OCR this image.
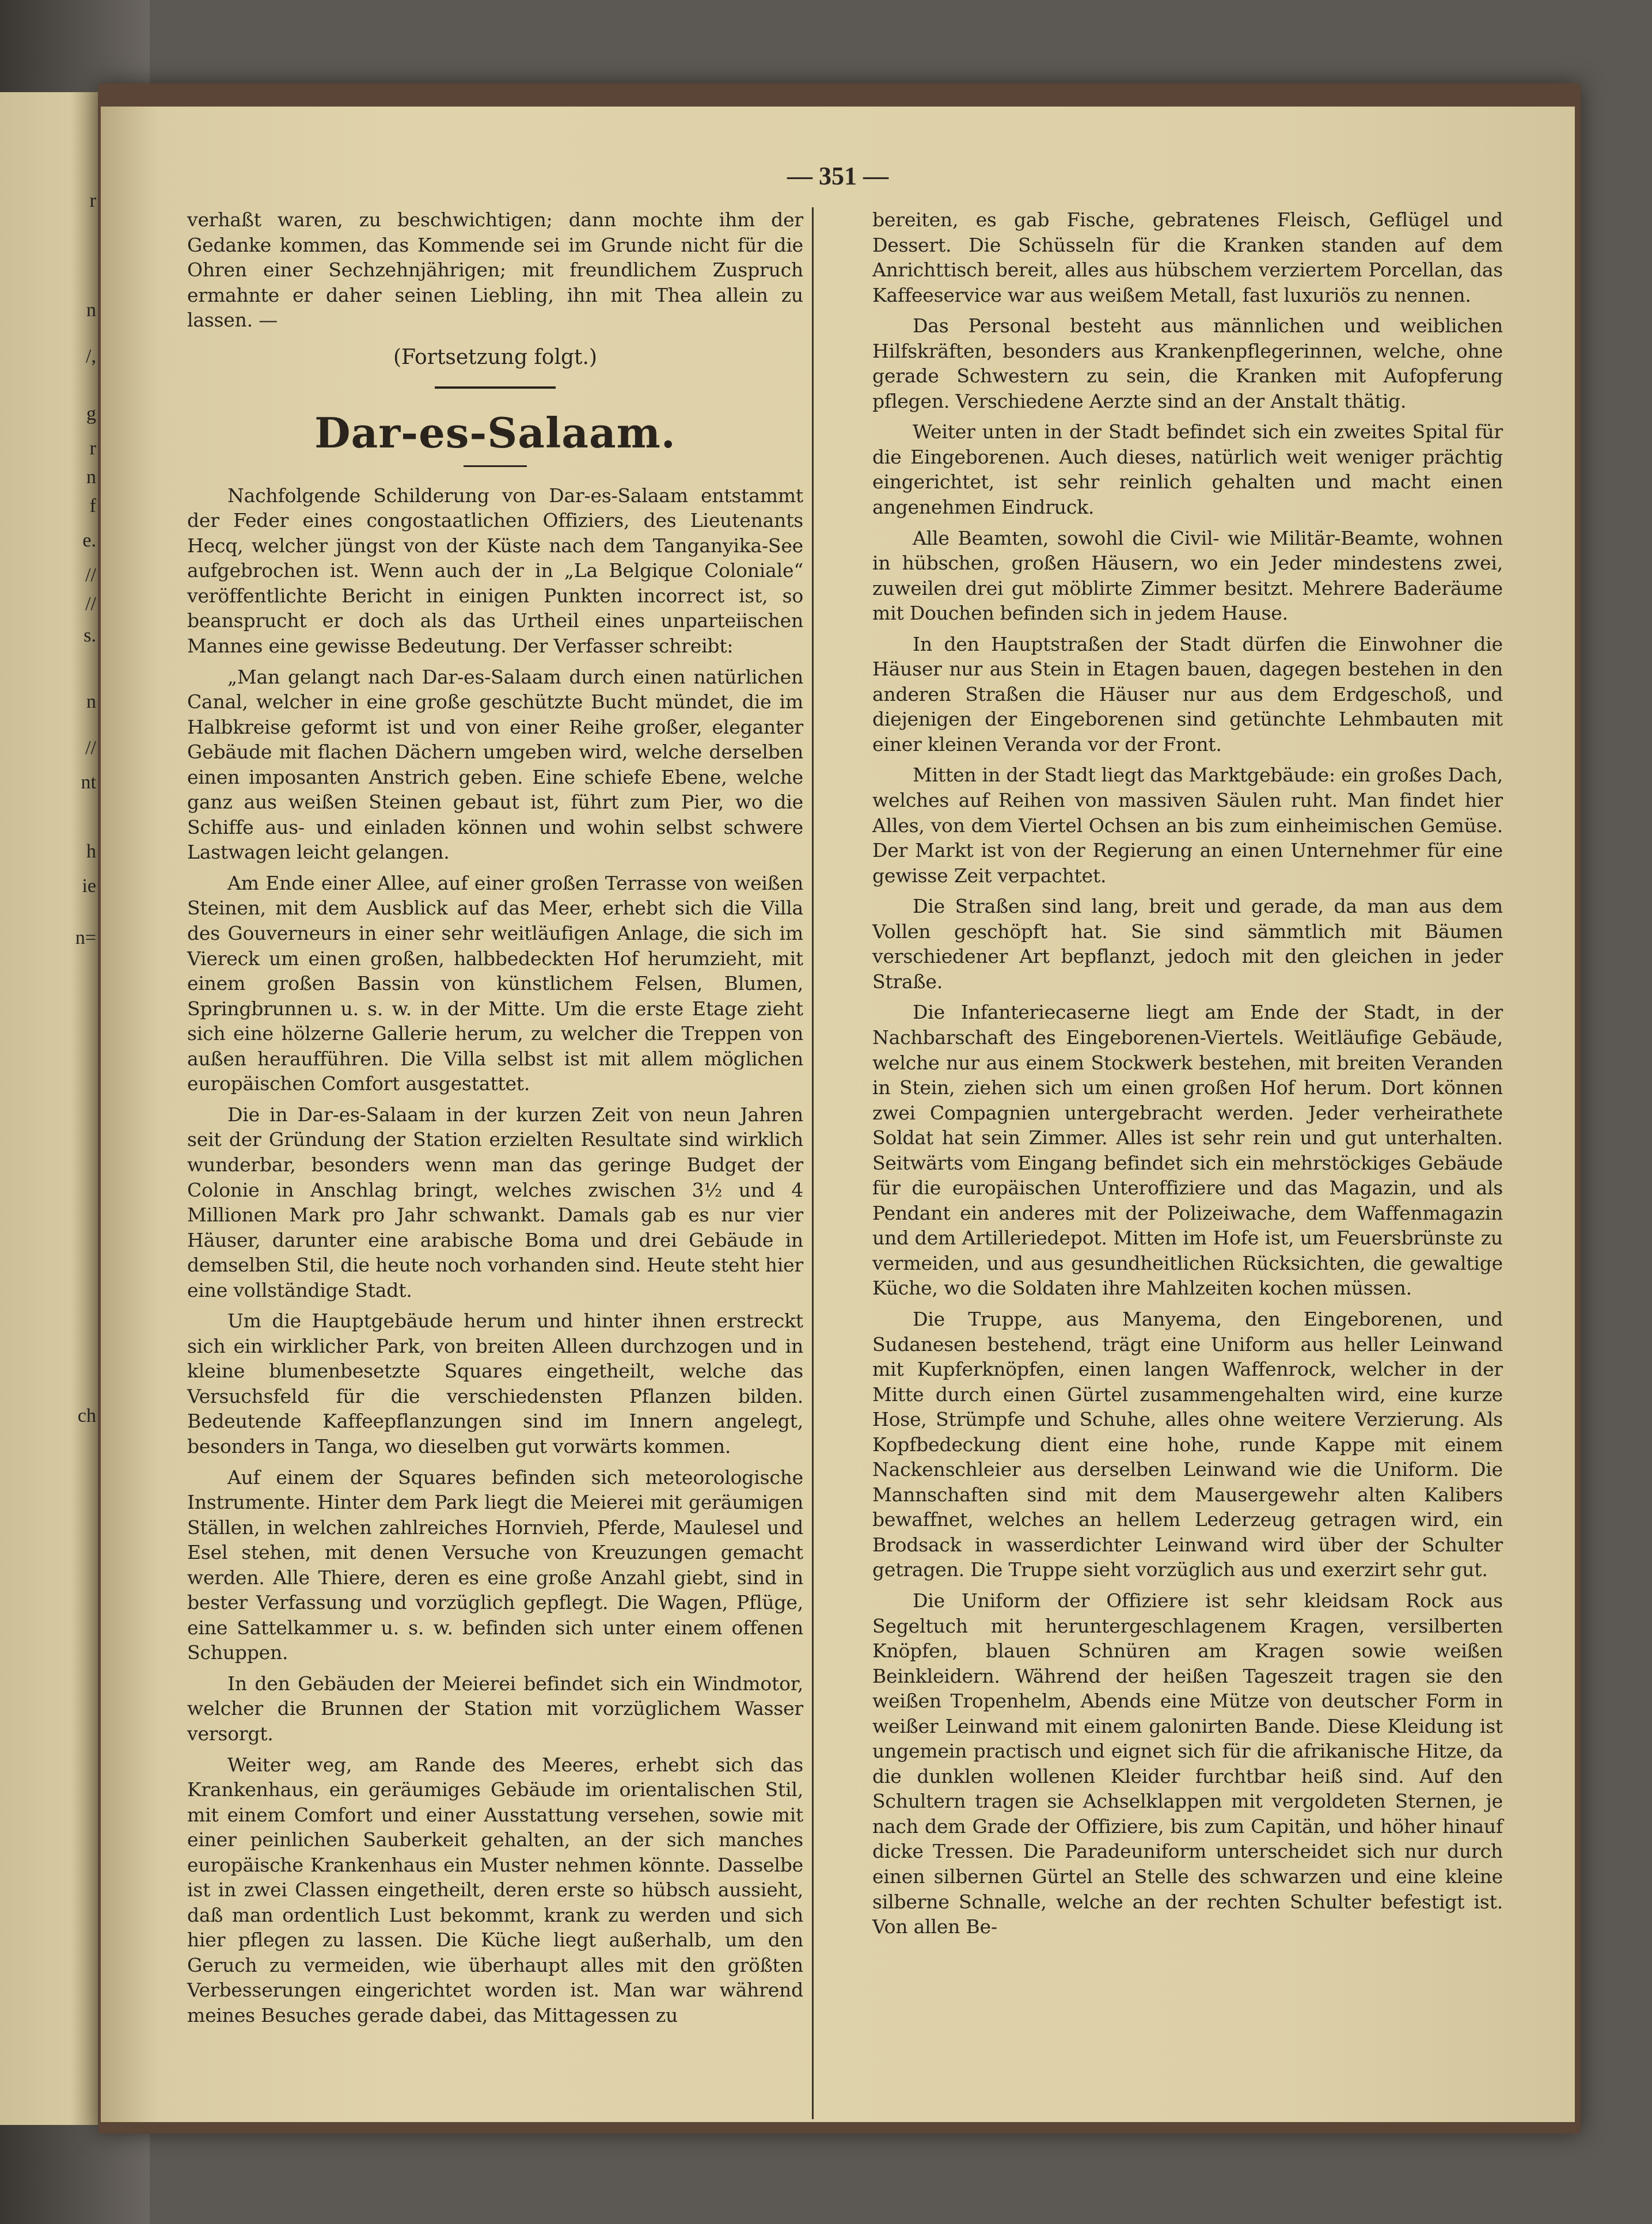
r
n
/,
g
r
n
f
e.
//
//
s.
n
//
nt
h
ie
n=
ch
— 351 —

verhaßt waren, zu beschwichtigen; dann mochte ihm der Gedanke kommen, das Kommende sei im Grunde nicht für die Ohren einer Sechzehnjährigen; mit freundlichem Zuspruch ermahnte er daher seinen Liebling, ihn mit Thea allein zu lassen. —

(Fortsetzung folgt.)
Dar-es-Salaam.

Nachfolgende Schilderung von Dar-es-Salaam entstammt der Feder eines congostaatlichen Offiziers, des Lieutenants Hecq, welcher jüngst von der Küste nach dem Tanganyika-See aufgebrochen ist. Wenn auch der in „La Belgique Coloniale“ veröffentlichte Bericht in einigen Punkten incorrect ist, so beansprucht er doch als das Urtheil eines unparteiischen Mannes eine gewisse Bedeutung. Der Verfasser schreibt:

„Man gelangt nach Dar-es-Salaam durch einen natürlichen Canal, welcher in eine große geschützte Bucht mündet, die im Halbkreise geformt ist und von einer Reihe großer, eleganter Gebäude mit flachen Dächern umgeben wird, welche derselben einen imposanten Anstrich geben. Eine schiefe Ebene, welche ganz aus weißen Steinen gebaut ist, führt zum Pier, wo die Schiffe aus- und einladen können und wohin selbst schwere Lastwagen leicht gelangen.

Am Ende einer Allee, auf einer großen Terrasse von weißen Steinen, mit dem Ausblick auf das Meer, erhebt sich die Villa des Gouverneurs in einer sehr weitläufigen Anlage, die sich im Viereck um einen großen, halbbedeckten Hof herumzieht, mit einem großen Bassin von künstlichem Felsen, Blumen, Springbrunnen u. s. w. in der Mitte. Um die erste Etage zieht sich eine hölzerne Gallerie herum, zu welcher die Treppen von außen heraufführen. Die Villa selbst ist mit allem möglichen europäischen Comfort ausgestattet.

Die in Dar-es-Salaam in der kurzen Zeit von neun Jahren seit der Gründung der Station erzielten Resultate sind wirklich wunderbar, besonders wenn man das geringe Budget der Colonie in Anschlag bringt, welches zwischen 3½ und 4 Millionen Mark pro Jahr schwankt. Damals gab es nur vier Häuser, darunter eine arabische Boma und drei Gebäude in demselben Stil, die heute noch vorhanden sind. Heute steht hier eine vollständige Stadt.

Um die Hauptgebäude herum und hinter ihnen erstreckt sich ein wirklicher Park, von breiten Alleen durchzogen und in kleine blumenbesetzte Squares eingetheilt, welche das Versuchsfeld für die verschiedensten Pflanzen bilden. Bedeutende Kaffeepflanzungen sind im Innern angelegt, besonders in Tanga, wo dieselben gut vorwärts kommen.

Auf einem der Squares befinden sich meteorologische Instrumente. Hinter dem Park liegt die Meierei mit geräumigen Ställen, in welchen zahlreiches Hornvieh, Pferde, Maulesel und Esel stehen, mit denen Versuche von Kreuzungen gemacht werden. Alle Thiere, deren es eine große Anzahl giebt, sind in bester Verfassung und vorzüglich gepflegt. Die Wagen, Pflüge, eine Sattelkammer u. s. w. befinden sich unter einem offenen Schuppen.

In den Gebäuden der Meierei befindet sich ein Windmotor, welcher die Brunnen der Station mit vorzüglichem Wasser versorgt.

Weiter weg, am Rande des Meeres, erhebt sich das Krankenhaus, ein geräumiges Gebäude im orientalischen Stil, mit einem Comfort und einer Ausstattung versehen, sowie mit einer peinlichen Sauberkeit gehalten, an der sich manches europäische Krankenhaus ein Muster nehmen könnte. Dasselbe ist in zwei Classen eingetheilt, deren erste so hübsch aussieht, daß man ordentlich Lust bekommt, krank zu werden und sich hier pflegen zu lassen. Die Küche liegt außerhalb, um den Geruch zu vermeiden, wie überhaupt alles mit den größten Verbesserungen eingerichtet worden ist. Man war während meines Besuches gerade dabei, das Mittagessen zu

bereiten, es gab Fische, gebratenes Fleisch, Geflügel und Dessert. Die Schüsseln für die Kranken standen auf dem Anrichttisch bereit, alles aus hübschem verziertem Porcellan, das Kaffeeservice war aus weißem Metall, fast luxuriös zu nennen.

Das Personal besteht aus männlichen und weiblichen Hilfskräften, besonders aus Krankenpflegerinnen, welche, ohne gerade Schwestern zu sein, die Kranken mit Aufopferung pflegen. Verschiedene Aerzte sind an der Anstalt thätig.

Weiter unten in der Stadt befindet sich ein zweites Spital für die Eingeborenen. Auch dieses, natürlich weit weniger prächtig eingerichtet, ist sehr reinlich gehalten und macht einen angenehmen Eindruck.

Alle Beamten, sowohl die Civil- wie Militär-Beamte, wohnen in hübschen, großen Häusern, wo ein Jeder mindestens zwei, zuweilen drei gut möblirte Zimmer besitzt. Mehrere Baderäume mit Douchen befinden sich in jedem Hause.

In den Hauptstraßen der Stadt dürfen die Einwohner die Häuser nur aus Stein in Etagen bauen, dagegen bestehen in den anderen Straßen die Häuser nur aus dem Erdgeschoß, und diejenigen der Eingeborenen sind getünchte Lehmbauten mit einer kleinen Veranda vor der Front.

Mitten in der Stadt liegt das Marktgebäude: ein großes Dach, welches auf Reihen von massiven Säulen ruht. Man findet hier Alles, von dem Viertel Ochsen an bis zum einheimischen Gemüse. Der Markt ist von der Regierung an einen Unternehmer für eine gewisse Zeit verpachtet.

Die Straßen sind lang, breit und gerade, da man aus dem Vollen geschöpft hat. Sie sind sämmtlich mit Bäumen verschiedener Art bepflanzt, jedoch mit den gleichen in jeder Straße.

Die Infanteriecaserne liegt am Ende der Stadt, in der Nachbarschaft des Eingeborenen-Viertels. Weitläufige Gebäude, welche nur aus einem Stockwerk bestehen, mit breiten Veranden in Stein, ziehen sich um einen großen Hof herum. Dort können zwei Compagnien untergebracht werden. Jeder verheirathete Soldat hat sein Zimmer. Alles ist sehr rein und gut unterhalten. Seitwärts vom Eingang befindet sich ein mehrstöckiges Gebäude für die europäischen Unteroffiziere und das Magazin, und als Pendant ein anderes mit der Polizeiwache, dem Waffenmagazin und dem Artilleriedepot. Mitten im Hofe ist, um Feuersbrünste zu vermeiden, und aus gesundheitlichen Rücksichten, die gewaltige Küche, wo die Soldaten ihre Mahlzeiten kochen müssen.

Die Truppe, aus Manyema, den Eingeborenen, und Sudanesen bestehend, trägt eine Uniform aus heller Leinwand mit Kupferknöpfen, einen langen Waffenrock, welcher in der Mitte durch einen Gürtel zusammengehalten wird, eine kurze Hose, Strümpfe und Schuhe, alles ohne weitere Verzierung. Als Kopfbedeckung dient eine hohe, runde Kappe mit einem Nackenschleier aus derselben Leinwand wie die Uniform. Die Mannschaften sind mit dem Mausergewehr alten Kalibers bewaffnet, welches an hellem Lederzeug getragen wird, ein Brodsack in wasserdichter Leinwand wird über der Schulter getragen. Die Truppe sieht vorzüglich aus und exerzirt sehr gut.

Die Uniform der Offiziere ist sehr kleidsam Rock aus Segeltuch mit heruntergeschlagenem Kragen, versilberten Knöpfen, blauen Schnüren am Kragen sowie weißen Beinkleidern. Während der heißen Tageszeit tragen sie den weißen Tropenhelm, Abends eine Mütze von deutscher Form in weißer Leinwand mit einem galonirten Bande. Diese Kleidung ist ungemein practisch und eignet sich für die afrikanische Hitze, da die dunklen wollenen Kleider furchtbar heiß sind. Auf den Schultern tragen sie Achselklappen mit vergoldeten Sternen, je nach dem Grade der Offiziere, bis zum Capitän, und höher hinauf dicke Tressen. Die Paradeuniform unterscheidet sich nur durch einen silbernen Gürtel an Stelle des schwarzen und eine kleine silberne Schnalle, welche an der rechten Schulter befestigt ist. Von allen Be-
